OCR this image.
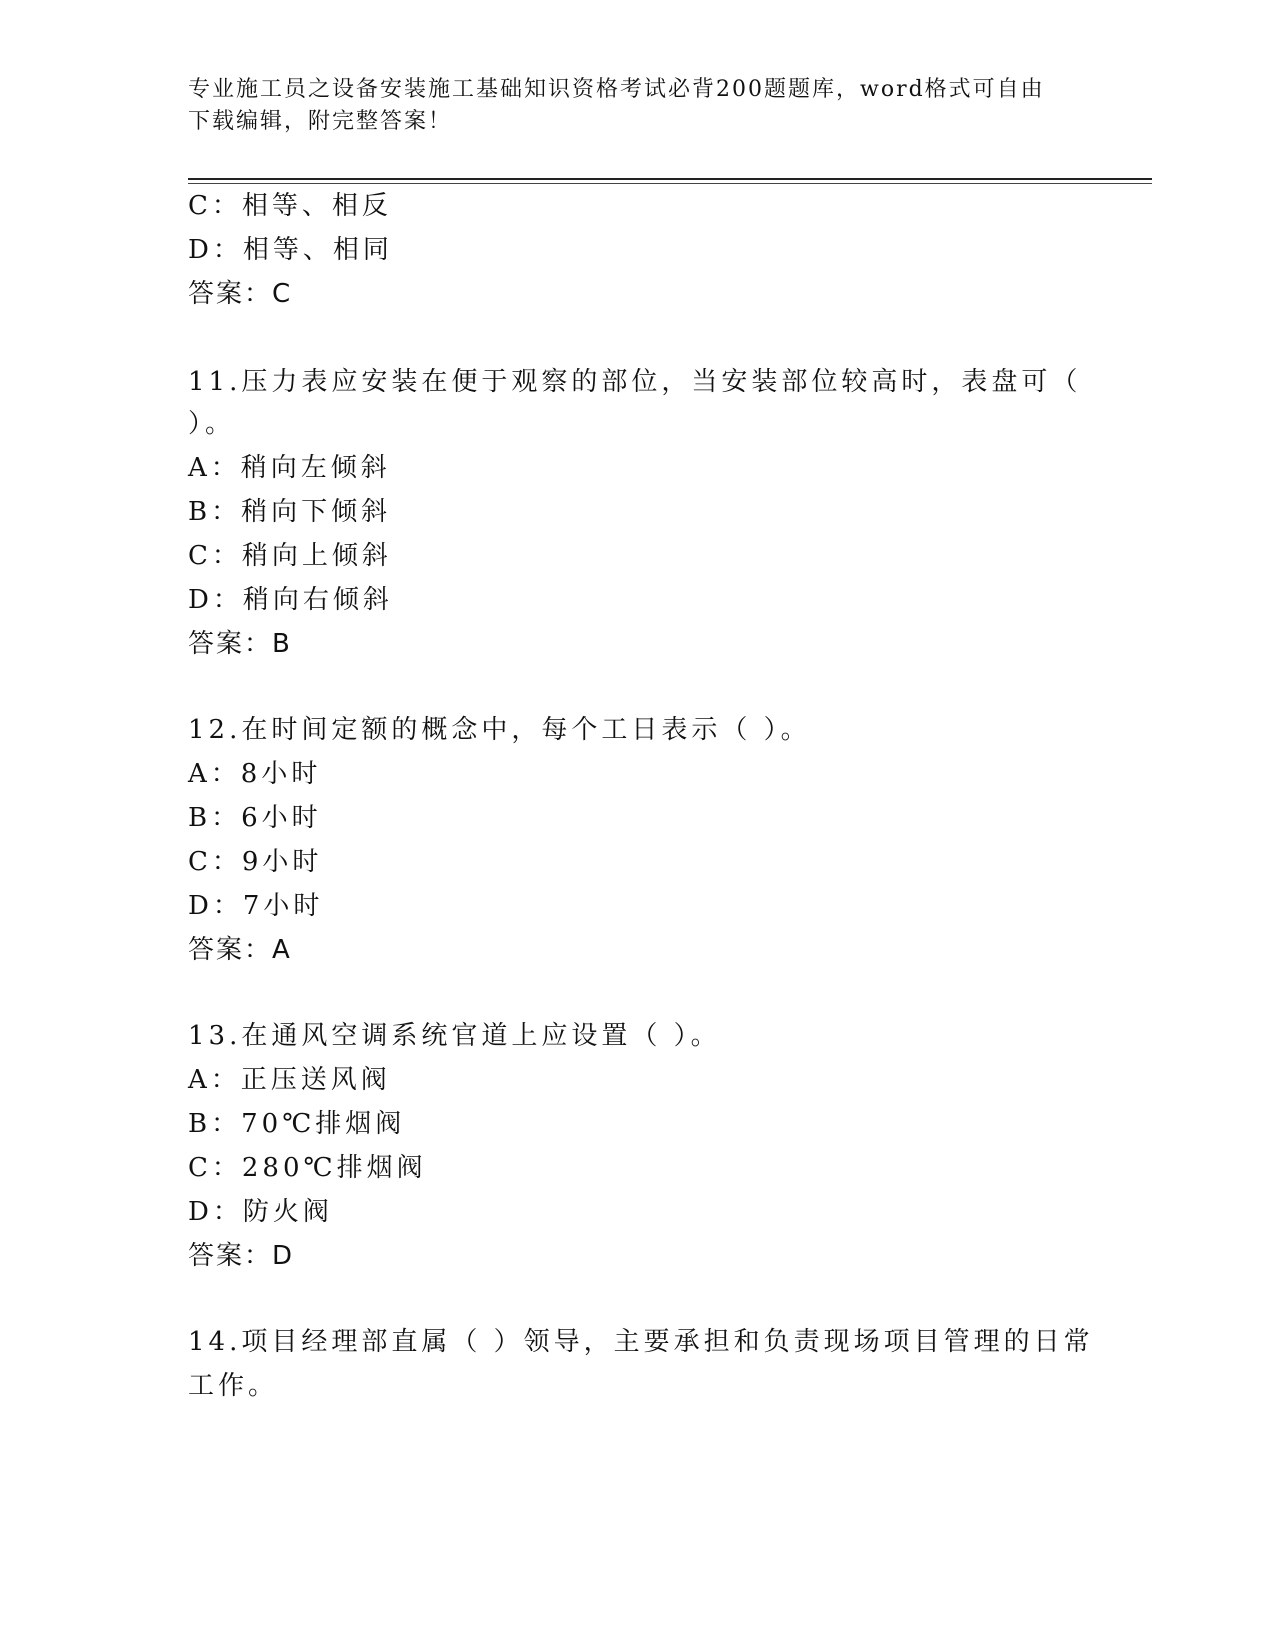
专业施工员之设备安装施工基础知识资格考试必背200题题库，word格式可自由
下载编辑，附完整答案！
C：相等、相反
D：相等、相同
答案：C
11.压力表应安装在便于观察的部位，当安装部位较高时，表盘可（
）。
A：稍向左倾斜
B：稍向下倾斜
C：稍向上倾斜
D：稍向右倾斜
答案：B
12.在时间定额的概念中，每个工日表示（ ）。
A：8小时
B：6小时
C：9小时
D：7小时
答案：A
13.在通风空调系统官道上应设置（ ）。
A：正压送风阀
B：70℃排烟阀
C：280℃排烟阀
D：防火阀
答案：D
14.项目经理部直属（ ）领导，主要承担和负责现场项目管理的日常
工作。
